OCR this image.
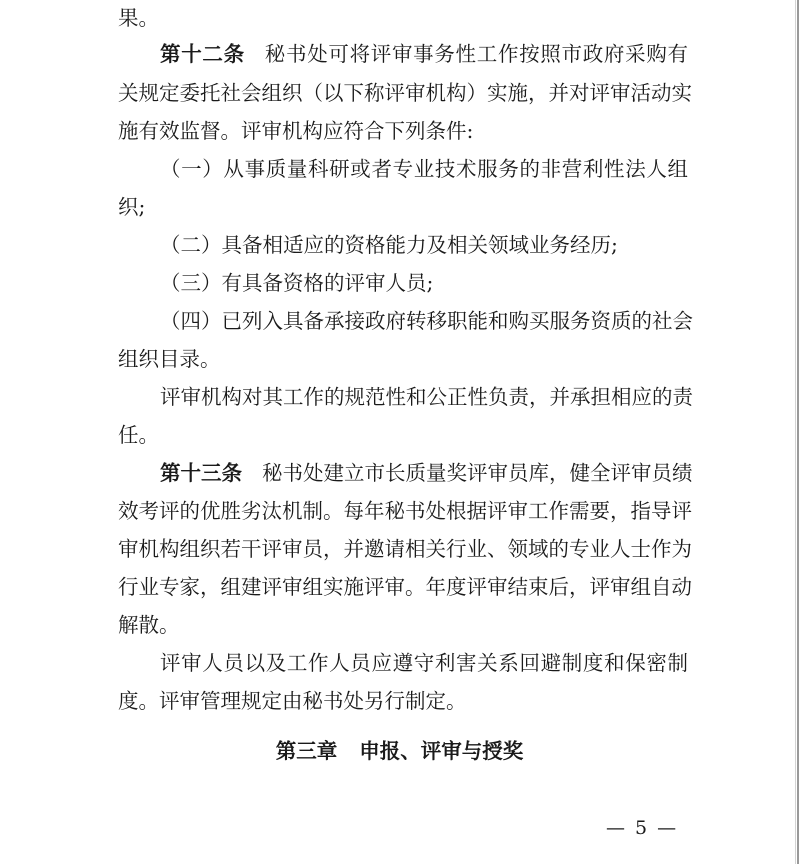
果。
第十二条 秘书处可将评审事务性工作按照市政府采购有
关规定委托社会组织（以下称评审机构）实施，并对评审活动实
施有效监督。评审机构应符合下列条件:
（一）从事质量科研或者专业技术服务的非营利性法人组
织;
（二）具备相适应的资格能力及相关领域业务经历;
（三）有具备资格的评审人员;
（四）已列入具备承接政府转移职能和购买服务资质的社会
组织目录。
评审机构对其工作的规范性和公正性负责，并承担相应的责
任。
第十三条 秘书处建立市长质量奖评审员库，健全评审员绩
效考评的优胜劣汰机制。每年秘书处根据评审工作需要，指导评
审机构组织若干评审员，并邀请相关行业、领域的专业人士作为
行业专家，组建评审组实施评审。年度评审结束后，评审组自动
解散。
评审人员以及工作人员应遵守利害关系回避制度和保密制
度。评审管理规定由秘书处另行制定。
第三章 申报、评审与授奖
— 5 —
